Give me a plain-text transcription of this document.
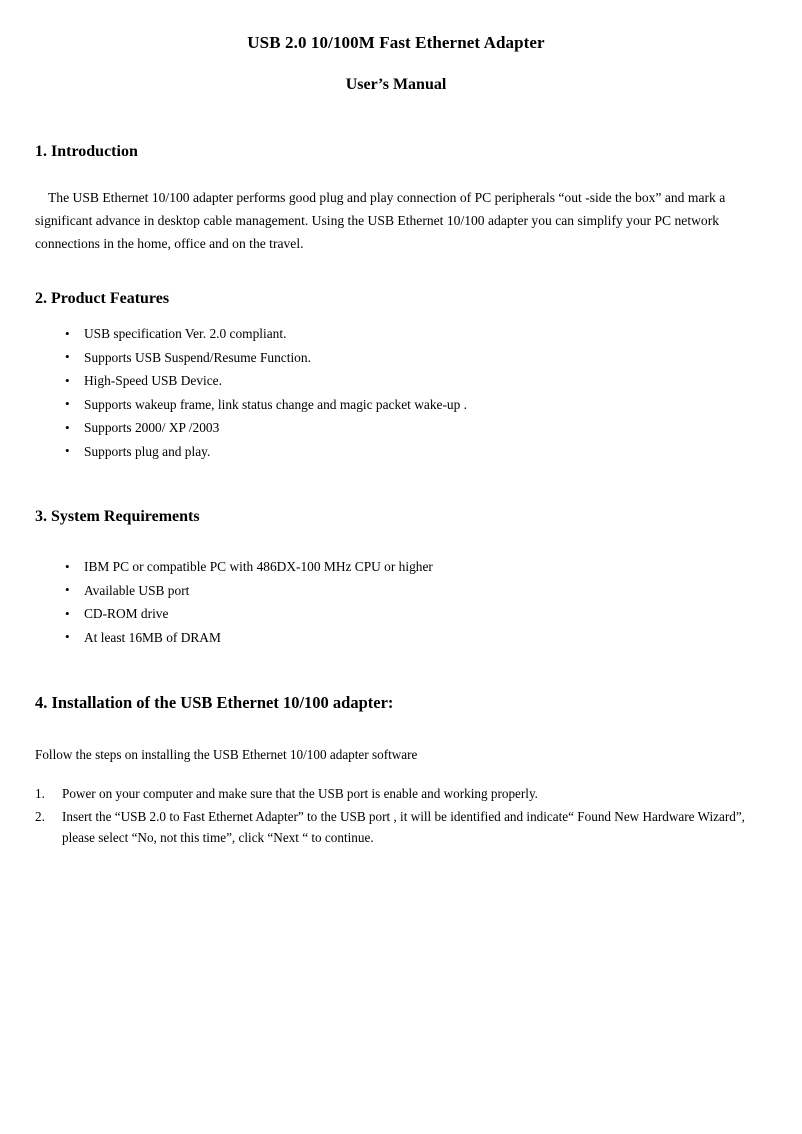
USB 2.0 10/100M Fast Ethernet Adapter
User’s Manual
1. Introduction

The USB Ethernet 10/100 adapter performs good plug and play connection of PC peripherals “out -side the box” and mark a significant advance in desktop cable management. Using the USB Ethernet 10/100 adapter you can simplify your PC network connections in the home, office and on the travel.

2. Product Features
• USB specification Ver. 2.0 compliant.
• Supports USB Suspend/Resume Function.
• High-Speed USB Device.
• Supports wakeup frame, link status change and magic packet wake-up .
• Supports 2000/ XP /2003
• Supports plug and play.
3. System Requirements
• IBM PC or compatible PC with 486DX-100 MHz CPU or higher
• Available USB port
• CD-ROM drive
• At least 16MB of DRAM
4. Installation of the USB Ethernet 10/100 adapter:

Follow the steps on installing the USB Ethernet 10/100 adapter software

Power on your computer and make sure that the USB port is enable and working properly.
Insert the “USB 2.0 to Fast Ethernet Adapter” to the USB port , it will be identified and indicate“ Found New Hardware Wizard”, please select “No, not this time”, click “Next “ to continue.
